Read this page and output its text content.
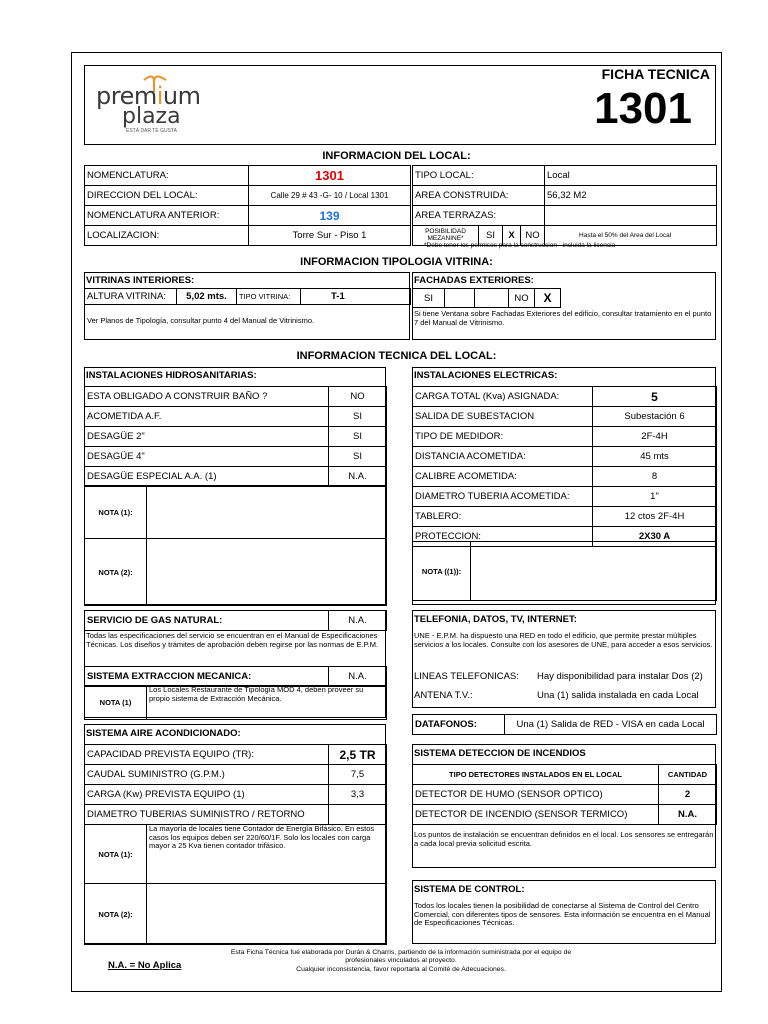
premium
plaza
ESTÁ DAR TE GUSTA
FICHA TECNICA
1301
INFORMACION DEL LOCAL:
NOMENCLATURA:	1301
DIRECCION DEL LOCAL:	Calle 29 # 43 -G- 10 / Local 1301
NOMENCLATURA ANTERIOR:	139
LOCALIZACION:	Torre Sur - Piso 1
TIPO LOCAL:				Local
AREA CONSTRUIDA:				56,32 M2
AREA TERRAZAS:				
POSIBILIDAD MEZANINE*	SI	X	NO	Hasta el 50% del Area del Local
*Debe tener los permisos para la construccion - incluida la licencia
INFORMACION TIPOLOGIA VITRINA:
VITRINAS INTERIORES:
ALTURA VITRINA:	5,02 mts.	TIPO VITRINA:	T-1
Ver Planos de Tipología, consultar punto 4 del Manual de Vitrinismo.
FACHADAS EXTERIORES:
SI			NO	X	
Si tiene Ventana sobre Fachadas Exteriores del edificio, consultar tratamiento en el punto 7 del Manual de Vitrinismo.
INFORMACION TECNICA DEL LOCAL:
INSTALACIONES HIDROSANITARIAS:
ESTA OBLIGADO A CONSTRUIR BAÑO ?	NO
ACOMETIDA A.F.	SI
DESAGÜE 2"	SI
DESAGÜE 4"	SI
DESAGÜE ESPECIAL A.A. (1)	N.A.
NOTA (1):	
NOTA (2):	
INSTALACIONES ELECTRICAS:
CARGA TOTAL (Kva) ASIGNADA:	5
SALIDA DE SUBESTACION	Subestación 6
TIPO DE MEDIDOR:	2F-4H
DISTANCIA ACOMETIDA:	45 mts
CALIBRE ACOMETIDA:	8
DIAMETRO TUBERIA ACOMETIDA:	1"
TABLERO:	12 ctos 2F-4H
PROTECCION:	2X30 A
NOTA ((1)):	
SERVICIO DE GAS NATURAL:	N.A.
Todas las especificaciones del servicio se encuentran en el Manual de Especificaciones Técnicas. Los diseños y trámites de aprobación deben regirse por las normas de E.P.M.
SISTEMA EXTRACCION MECANICA:	N.A.
NOTA (1)	Los Locales Restaurante de Tipología MOD 4, deben proveer su propio sistema de Extracción Mecánica.
TELEFONIA, DATOS, TV, INTERNET:
UNE - E.P.M. ha dispuesto una RED en todo el edificio, que permite prestar múltiples servicios a los locales. Consulte con los asesores de UNE, para acceder a esos servicios.
LINEAS TELEFONICAS: Hay disponibilidad para instalar Dos (2)
ANTENA T.V.:	Una (1) salida instalada en cada Local
DATAFONOS:	Una (1) Salida de RED - VISA en cada Local
SISTEMA AIRE ACONDICIONADO:
CAPACIDAD PREVISTA EQUIPO (TR):	2,5 TR
CAUDAL SUMINISTRO (G.P.M.)	7,5
CARGA (Kw) PREVISTA EQUIPO (1)	3,3
DIAMETRO TUBERIAS SUMINISTRO / RETORNO	
NOTA (1):	La mayoría de locales tiene Contador de Energía Bifásico. En estos casos los equipos deben ser 220/60/1F. Solo los locales con carga mayor a 25 Kva tienen contador trifásico.
NOTA (2):	
SISTEMA DETECCION DE INCENDIOS
TIPO DETECTORES INSTALADOS EN EL LOCAL	CANTIDAD
DETECTOR DE HUMO (SENSOR OPTICO)	2
DETECTOR DE INCENDIO (SENSOR TERMICO)	N.A.
Los puntos de instalación se encuentran definidos en el local. Los sensores se entregarán a cada local previa solicitud escrita.
SISTEMA DE CONTROL:
Todos los locales tienen la posibilidad de conectarse al Sistema de Control del Centro Comercial, con diferentes tipos de sensores. Esta información se encuentra en el Manual de Especificaciones Técnicas.
N.A. = No Aplica
Esta Ficha Técnica fué elaborada por Durán & Charris, partiendo de la información suministrada por el equipo de
profesionales vinculados al proyecto.
Cualquier inconsistencia, favor reportarla al Comité de Adecuaciones.
